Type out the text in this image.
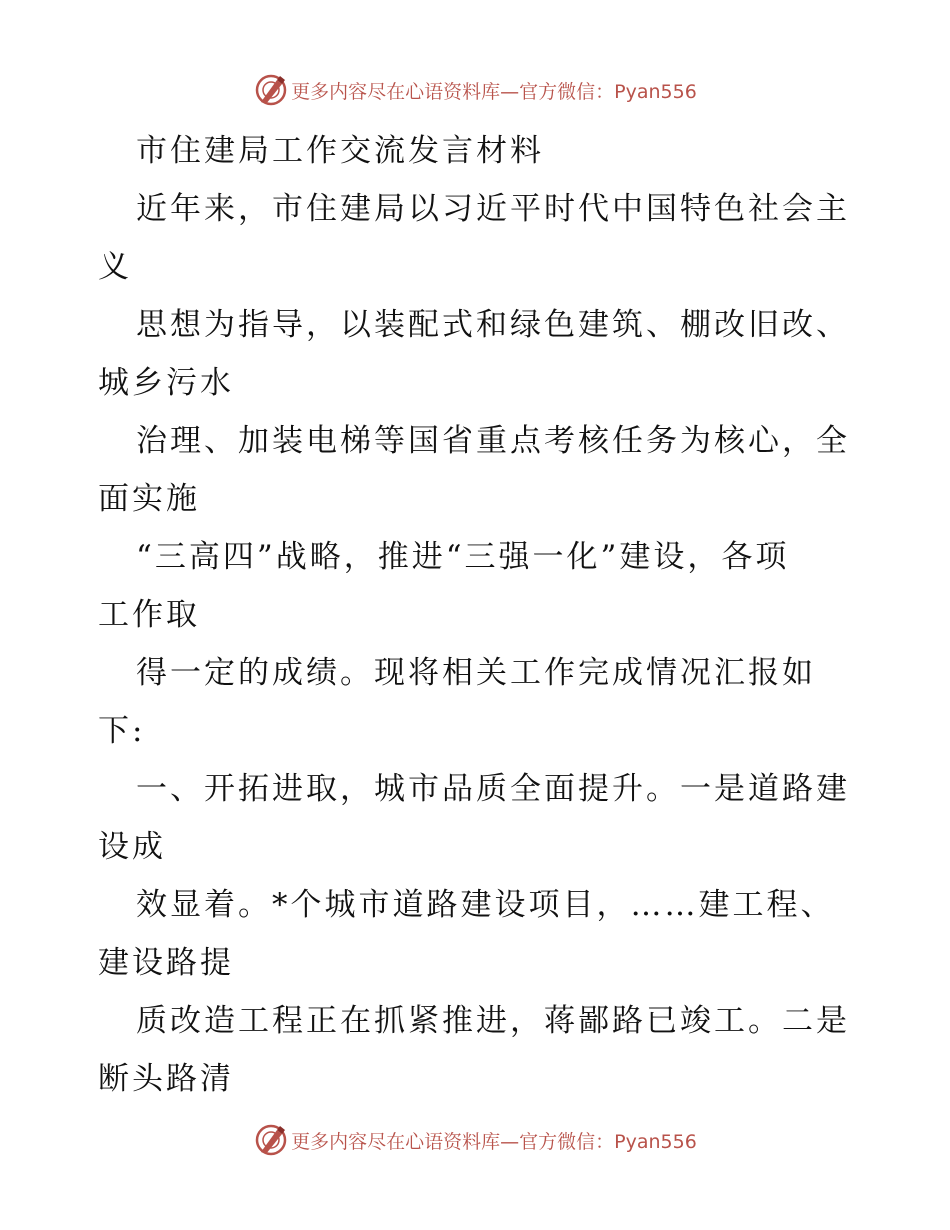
更多内容尽在心语资料库—官方微信：Pyan556
市住建局工作交流发言材料
近年来，市住建局以习近平时代中国特色社会主
义
思想为指导，以装配式和绿色建筑、棚改旧改、
城乡污水
治理、加装电梯等国省重点考核任务为核心，全
面实施
“三高四”战略，推进“三强一化”建设，各项
工作取
得一定的成绩。现将相关工作完成情况汇报如
下:
一、开拓进取，城市品质全面提升。一是道路建
设成
效显着。*个城市道路建设项目，……建工程、
建设路提
质改造工程正在抓紧推进，蒋鄙路已竣工。二是
断头路清
更多内容尽在心语资料库—官方微信：Pyan556
